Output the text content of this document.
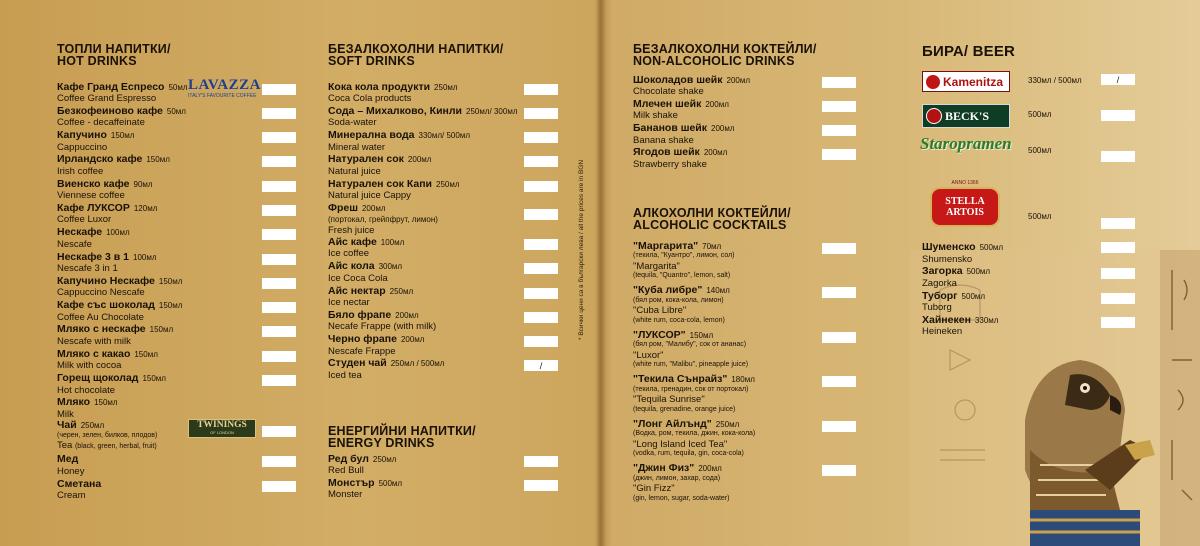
ТОПЛИ НАПИТКИ/
HOT DRINKS
Кафе Гранд Еспресо 50мл
Coffee Grand Espresso
Безкофеиново кафе 50мл
Coffee - decaffeinate
Капучино 150мл
Cappuccino
Ирландско кафе 150мл
Irish coffee
Виенско кафе 90мл
Viennese coffee
Кафе ЛУКСОР 120мл
Coffee Luxor
Нескафе 100мл
Nescafe
Нескафе 3 в 1 100мл
Nescafe 3 in 1
Капучино Нескафе 150мл
Cappuccino Nescafe
Кафе със шоколад 150мл
Coffee Au Chocolate
Мляко с нескафе 150мл
Nescafe with milk
Мляко с какао 150мл
Milk with cocoa
Горещ щоколад 150мл
Hot chocolate
Мляко 150мл
Milk
Чай 250мл
(черен, зелен, билков, плодов)
Tea (black, green, herbal, fruit)
Мед
Honey
Сметана
Cream
LAVAZZA
ITALY'S FAVOURITE COFFEE
TWININGS
OF LONDON
БЕЗАЛКОХОЛНИ НАПИТКИ/
SOFT DRINKS
Кока кола продукти 250мл
Coca Cola products
Сода – Михалково, Кинли 250мл/ 300мл
Soda-water
Минерална вода 330мл/ 500мл
Mineral water
Натурален сок 200мл
Natural juice
Натурален сок Капи 250мл
Natural juice Cappy
Фреш 200мл
(портокал, грейпфрут, лимон)
Fresh juice
Айс кафе 100мл
Ice coffee
Айс кола 300мл
Ice Coca Cola
Айс нектар 250мл
Ice nectar
Бяло фрапе 200мл
Necafe Frappe (with milk)
Черно фрапе 200мл
Nescafe Frappe
Студен чай 250мл / 500мл
Iced tea
/
ЕНЕРГИЙНИ НАПИТКИ/
ENERGY DRINKS
Ред бул 250мл
Red Bull
Монстър 500мл
Monster
* Всички цени са в български лева / all the prices are in BGN
БЕЗАЛКОХОЛНИ КОКТЕЙЛИ/
NON-ALCOHOLIC DRINKS
Шоколадов шейк 200мл
Chocolate shake
Млечен шейк 200мл
Milk shake
Бананов шейк 200мл
Banana shake
Ягодов шейк 200мл
Strawberry shake
АЛКОХОЛНИ КОКТЕЙЛИ/
ALCOHOLIC COCKTAILS
"Маргарита" 70мл
(текила, "Куантро", лимон, сол)
"Margarita"
(tequila, "Quantro", lemon, salt)
"Куба либре" 140мл
(бял ром, кока-кола, лимон)
"Cuba Libre"
(white rum, coca-cola, lemon)
"ЛУКСОР" 150мл
(бял ром, "Малибу", сок от ананас)
"Luxor"
(white rum, "Malibu", pineapple juice)
"Текила Сънрайз" 180мл
(текила, гренадин, сок от портокал)
"Tequila Sunrise"
(tequila, grenadine, orange juice)
"Лонг Айлънд" 250мл
(Водка, ром, текила, джин, кока-кола)
"Long Island Iced Tea"
(vodka, rum, tequila, gin, coca-cola)
"Джин Физ" 200мл
(джин, лимон, захар, сода)
"Gin Fizz"
(gin, lemon, sugar, soda-water)
БИРА/ BEER
Kamenitza	330мл / 500мл	/
BECK'S	500мл
Staropramen	500мл
ANNO 1366
STELLA ARTOIS	500мл
Шуменско 500мл
Shumensko
Загорка 500мл
Zagorka
Туборг 500мл
Tuborg
Хайнекен 330мл
Heineken
